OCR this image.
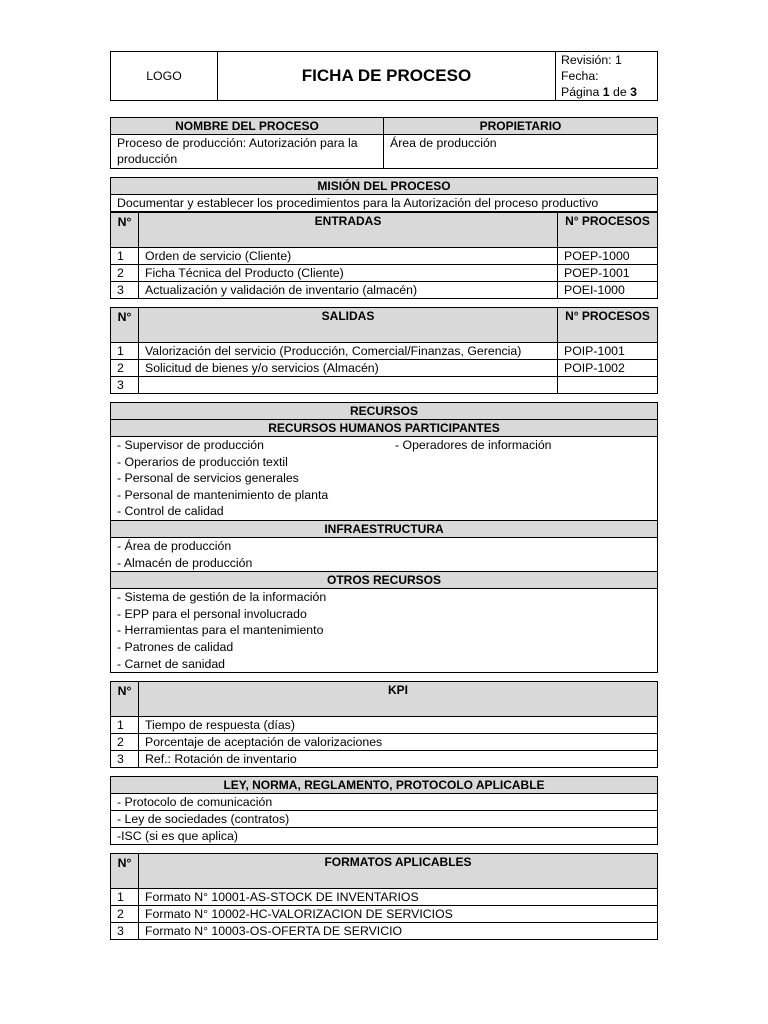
LOGO	FICHA DE PROCESO	
Revisión: 1
Fecha:
Página 1 de 3
NOMBRE DEL PROCESO	PROPIETARIO
Proceso de producción: Autorización para la producción	Área de producción
MISIÓN DEL PROCESO
Documentar y establecer los procedimientos para la Autorización del proceso productivo
N°	ENTRADAS	N° PROCESOS
1	Orden de servicio (Cliente)	POEP-1000
2	Ficha Técnica del Producto (Cliente)	POEP-1001
3	Actualización y validación de inventario (almacén)	POEI-1000
N°	SALIDAS	N° PROCESOS
1	Valorización del servicio (Producción, Comercial/Finanzas, Gerencia)	POIP-1001
2	Solicitud de bienes y/o servicios (Almacén)	POIP-1002
3		
RECURSOS
RECURSOS HUMANOS PARTICIPANTES

- Supervisor de producción
- Operarios de producción textil
- Personal de servicios generales
- Personal de mantenimiento de planta
- Control de calidad
- Operadores de información

INFRAESTRUCTURA

- Área de producción
- Almacén de producción

OTROS RECURSOS

- Sistema de gestión de la información
- EPP para el personal involucrado
- Herramientas para el mantenimiento
- Patrones de calidad
- Carnet de sanidad
N°	KPI
1	Tiempo de respuesta (días)
2	Porcentaje de aceptación de valorizaciones
3	Ref.: Rotación de inventario
LEY, NORMA, REGLAMENTO, PROTOCOLO APLICABLE
- Protocolo de comunicación
- Ley de sociedades (contratos)
-ISC (si es que aplica)
N°	FORMATOS APLICABLES
1	Formato N° 10001-AS-STOCK DE INVENTARIOS
2	Formato N° 10002-HC-VALORIZACION DE SERVICIOS
3	Formato N° 10003-OS-OFERTA DE SERVICIO
